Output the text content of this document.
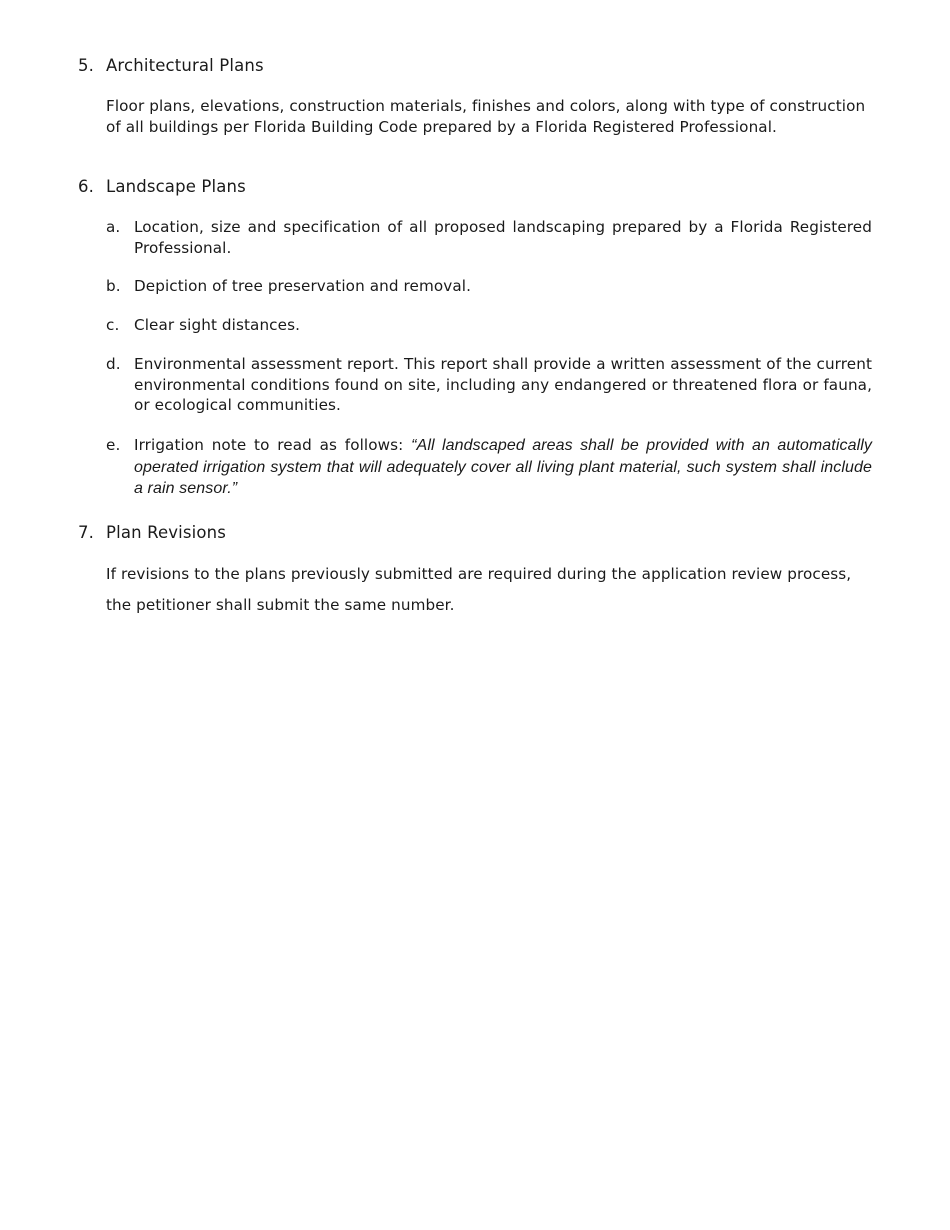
5. Architectural Plans
Floor plans, elevations, construction materials, finishes and colors, along with type of construction of all buildings per Florida Building Code prepared by a Florida Registered Professional.
6. Landscape Plans
a. Location, size and specification of all proposed landscaping prepared by a Florida Registered Professional.
b. Depiction of tree preservation and removal.
c. Clear sight distances.
d. Environmental assessment report. This report shall provide a written assessment of the current environmental conditions found on site, including any endangered or threatened flora or fauna, or ecological communities.
e. Irrigation note to read as follows: “All landscaped areas shall be provided with an automatically operated irrigation system that will adequately cover all living plant material, such system shall include a rain sensor.”
7. Plan Revisions
If revisions to the plans previously submitted are required during the application review process, the petitioner shall submit the same number.
